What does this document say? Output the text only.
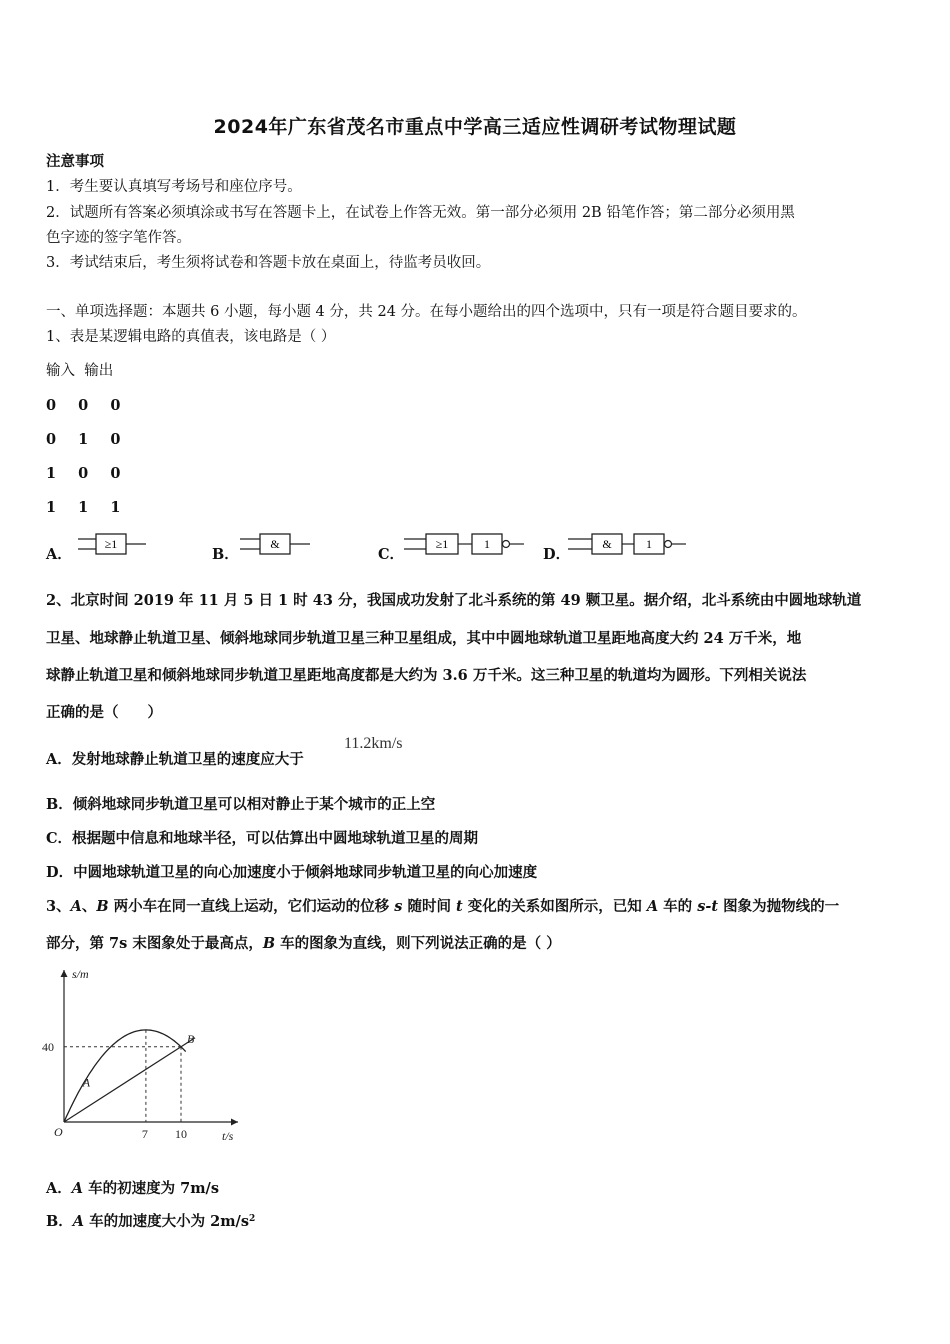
2024年广东省茂名市重点中学高三适应性调研考试物理试题
注意事项
1．考生要认真填写考场号和座位序号。
2．试题所有答案必须填涂或书写在答题卡上，在试卷上作答无效。第一部分必须用 2B 铅笔作答；第二部分必须用黑
色字迹的签字笔作答。
3．考试结束后，考生须将试卷和答题卡放在桌面上，待监考员收回。
一、单项选择题：本题共 6 小题，每小题 4 分，共 24 分。在每小题给出的四个选项中，只有一项是符合题目要求的。
1、表是某逻辑电路的真值表，该电路是（ ）
输入  输出
0  0  0
0  1  0
1  0  0
1  1  1
A．
≥1
B．
&
C．
≥1	1
D．
&	1
2、北京时间 2019 年 11 月 5 日 1 时 43 分，我国成功发射了北斗系统的第 49 颗卫星。据介绍，北斗系统由中圆地球轨道
卫星、地球静止轨道卫星、倾斜地球同步轨道卫星三种卫星组成，其中中圆地球轨道卫星距地高度大约 24 万千米，地
球静止轨道卫星和倾斜地球同步轨道卫星距地高度都是大约为 3.6 万千米。这三种卫星的轨道均为圆形。下列相关说法
正确的是（　　）
A．发射地球静止轨道卫星的速度应大于
11.2km/s
B．倾斜地球同步轨道卫星可以相对静止于某个城市的正上空
C．根据题中信息和地球半径，可以估算出中圆地球轨道卫星的周期
D．中圆地球轨道卫星的向心加速度小于倾斜地球同步轨道卫星的向心加速度
3、A、B 两小车在同一直线上运动，它们运动的位移 s 随时间 t 变化的关系如图所示，已知 A 车的 s-t 图象为抛物线的一
部分，第 7s 末图象处于最高点，B 车的图象为直线，则下列说法正确的是（ ）
s/m
t/s
O	7 10
40
A
B
A．A 车的初速度为 7m/s
B．A 车的加速度大小为 $2m/s^2$
